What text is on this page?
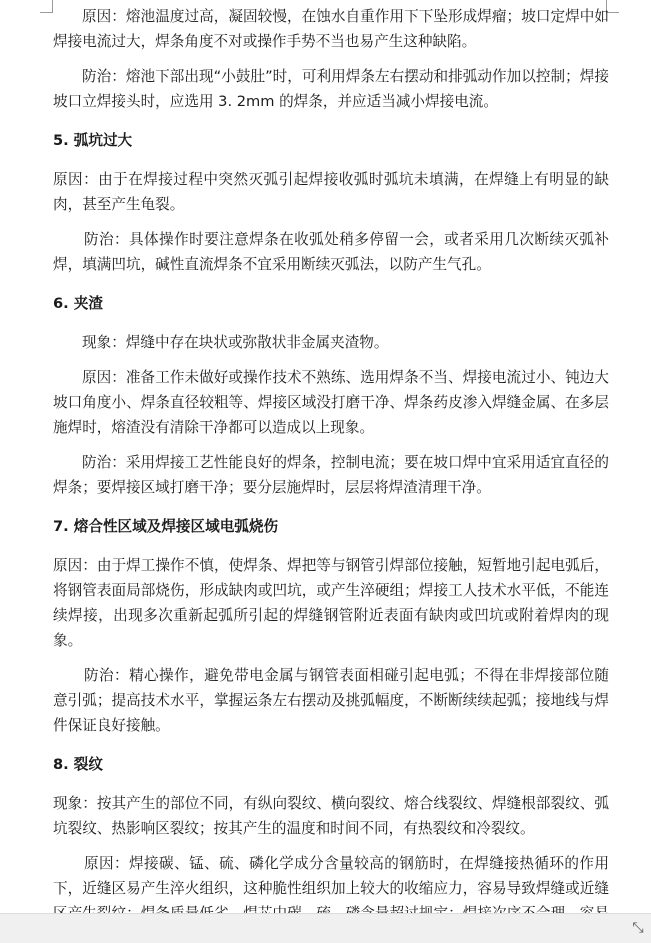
原因：熔池温度过高，凝固较慢，在蚀水自重作用下下坠形成焊瘤；坡口定焊中如焊接电流过大，焊条角度不对或操作手势不当也易产生这种缺陷。

防治：熔池下部出现“小鼓肚”时，可利用焊条左右摆动和排弧动作加以控制；焊接坡口立焊接头时，应选用 3. 2mm 的焊条，并应适当减小焊接电流。

5. 弧坑过大

原因：由于在焊接过程中突然灭弧引起焊接收弧时弧坑未填满，在焊缝上有明显的缺肉，甚至产生龟裂。

防治：具体操作时要注意焊条在收弧处稍多停留一会，或者采用几次断续灭弧补焊，填满凹坑，碱性直流焊条不宜采用断续灭弧法，以防产生气孔。

6. 夹渣

现象：焊缝中存在块状或弥散状非金属夹渣物。

原因：准备工作未做好或操作技术不熟练、选用焊条不当、焊接电流过小、钝边大坡口角度小、焊条直径较粗等、焊接区域没打磨干净、焊条药皮渗入焊缝金属、在多层施焊时，熔渣没有清除干净都可以造成以上现象。

防治：采用焊接工艺性能良好的焊条，控制电流；要在坡口焊中宜采用适宜直径的焊条；要焊接区域打磨干净；要分层施焊时，层层将焊渣清理干净。

7. 熔合性区域及焊接区域电弧烧伤

原因：由于焊工操作不慎，使焊条、焊把等与钢管引焊部位接触，短暂地引起电弧后，将钢管表面局部烧伤，形成缺肉或凹坑，或产生淬硬组；焊接工人技术水平低，不能连续焊接，出现多次重新起弧所引起的焊缝钢管附近表面有缺肉或凹坑或附着焊肉的现象。

防治：精心操作，避免带电金属与钢管表面相碰引起电弧；不得在非焊接部位随意引弧；提高技术水平，掌握运条左右摆动及挑弧幅度，不断断续续起弧；接地线与焊件保证良好接触。

8. 裂纹

现象：按其产生的部位不同，有纵向裂纹、横向裂纹、熔合线裂纹、焊缝根部裂纹、弧坑裂纹、热影响区裂纹；按其产生的温度和时间不同，有热裂纹和冷裂纹。

原因：焊接碳、锰、硫、磷化学成分含量较高的钢筋时，在焊缝接热循环的作用下，近缝区易产生淬火组织，这种脆性组织加上较大的收缩应力，容易导致焊缝或近缝

⤡
